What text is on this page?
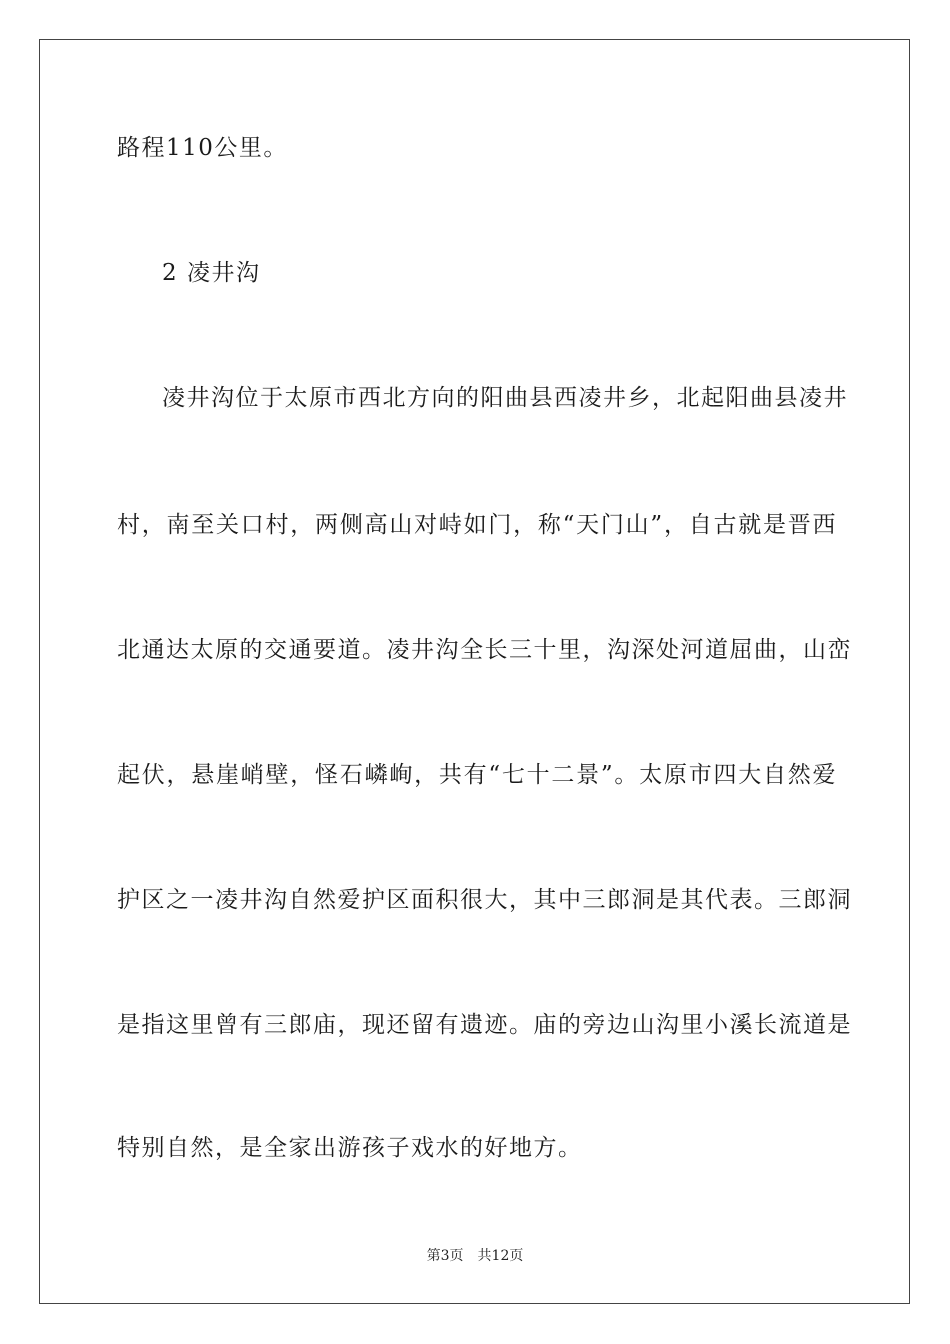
路程110公里。
2 凌井沟
凌井沟位于太原市西北方向的阳曲县西凌井乡，北起阳曲县凌井
村，南至关口村，两侧高山对峙如门，称“天门山”，自古就是晋西
北通达太原的交通要道。凌井沟全长三十里，沟深处河道屈曲，山峦
起伏，悬崖峭壁，怪石嶙峋，共有“七十二景”。太原市四大自然爱
护区之一凌井沟自然爱护区面积很大，其中三郎洞是其代表。三郎洞
是指这里曾有三郎庙，现还留有遗迹。庙的旁边山沟里小溪长流道是
特别自然，是全家出游孩子戏水的好地方。
第3页 共12页
